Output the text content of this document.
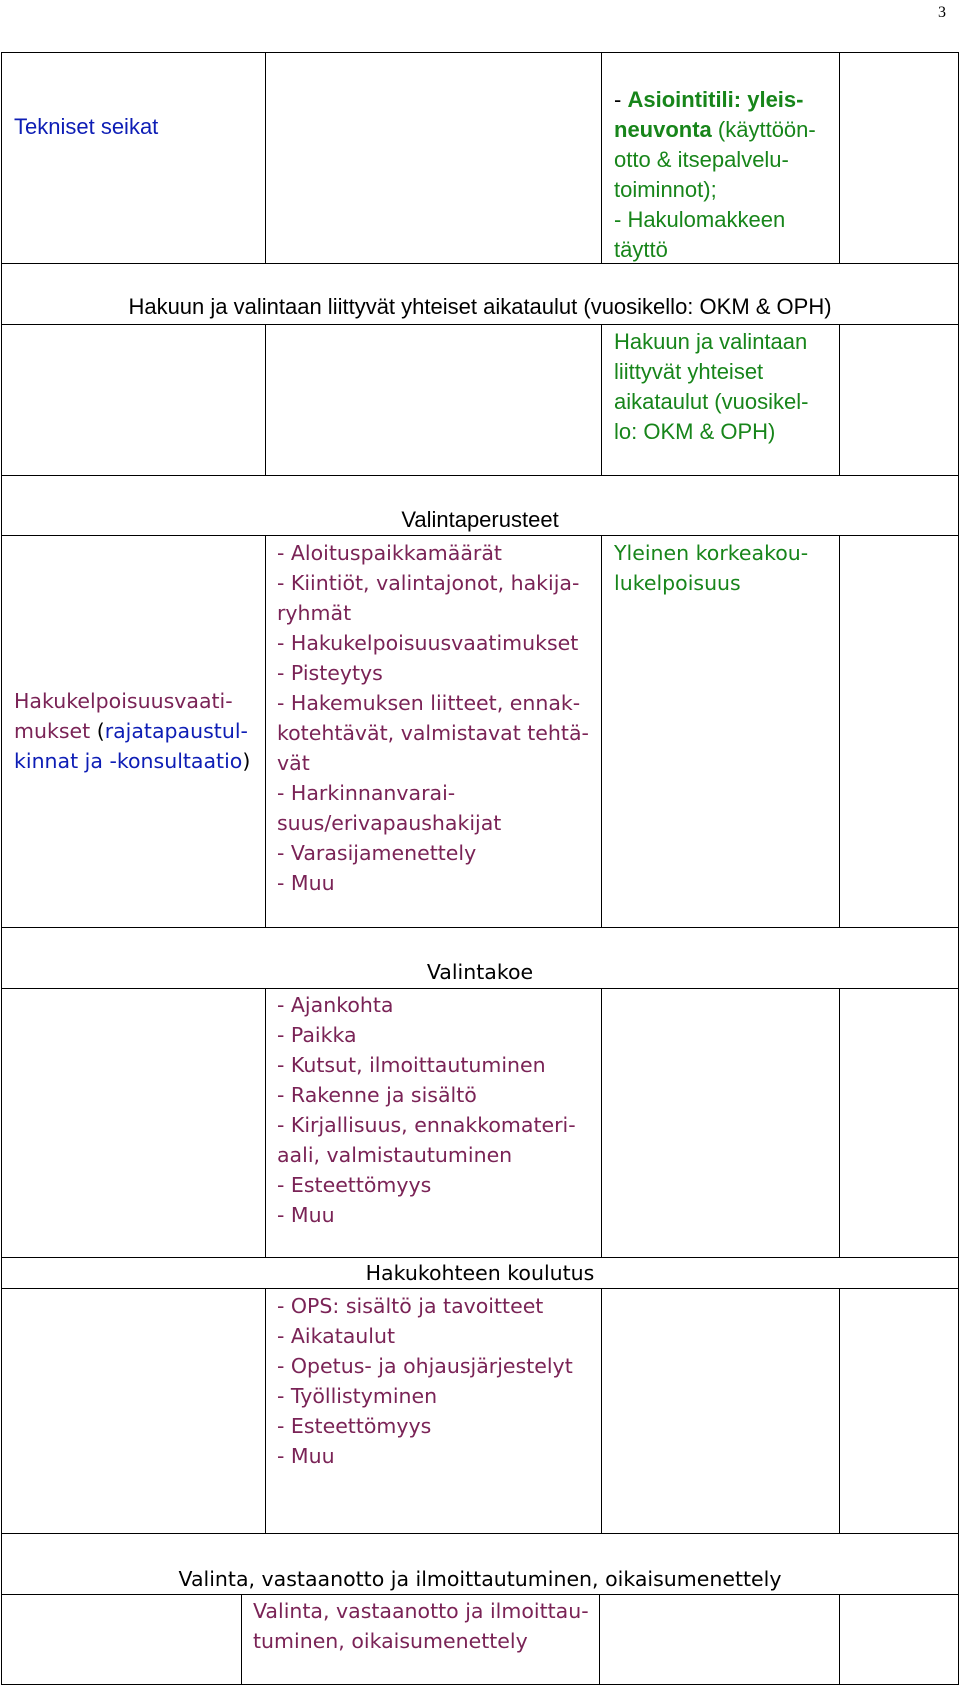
3
Tekniset seikat

- Asiointitili: yleis-
neuvonta (käyttöön-
otto & itsepalvelu-
toiminnot);
- Hakulomakkeen
täyttö

Hakuun ja valintaan liittyvät yhteiset aikataulut (vuosikello: OKM & OPH)
Hakuun ja valintaan
liittyvät yhteiset
aikataulut (vuosikel-
lo: OKM & OPH)
Valintaperusteet

Hakukelpoisuusvaati-
mukset (rajatapaustul-
kinnat ja -konsultaatio)

- Aloituspaikkamäärät
- Kiintiöt, valintajonot, hakija-
ryhmät
- Hakukelpoisuusvaatimukset
- Pisteytys
- Hakemuksen liitteet, ennak-
kotehtävät, valmistavat tehtä-
vät
- Harkinnanvarai-
suus/erivapaushakijat
- Varasijamenettely
- Muu
Yleinen korkeakou-
lukelpoisuus
Valintakoe
- Ajankohta
- Paikka
- Kutsut, ilmoittautuminen
- Rakenne ja sisältö
- Kirjallisuus, ennakkomateri-
aali, valmistautuminen
- Esteettömyys
- Muu
Hakukohteen koulutus
- OPS: sisältö ja tavoitteet
- Aikataulut
- Opetus- ja ohjausjärjestelyt
- Työllistyminen
- Esteettömyys
- Muu
Valinta, vastaanotto ja ilmoittautuminen, oikaisumenettely
Valinta, vastaanotto ja ilmoittau-
tuminen, oikaisumenettely
